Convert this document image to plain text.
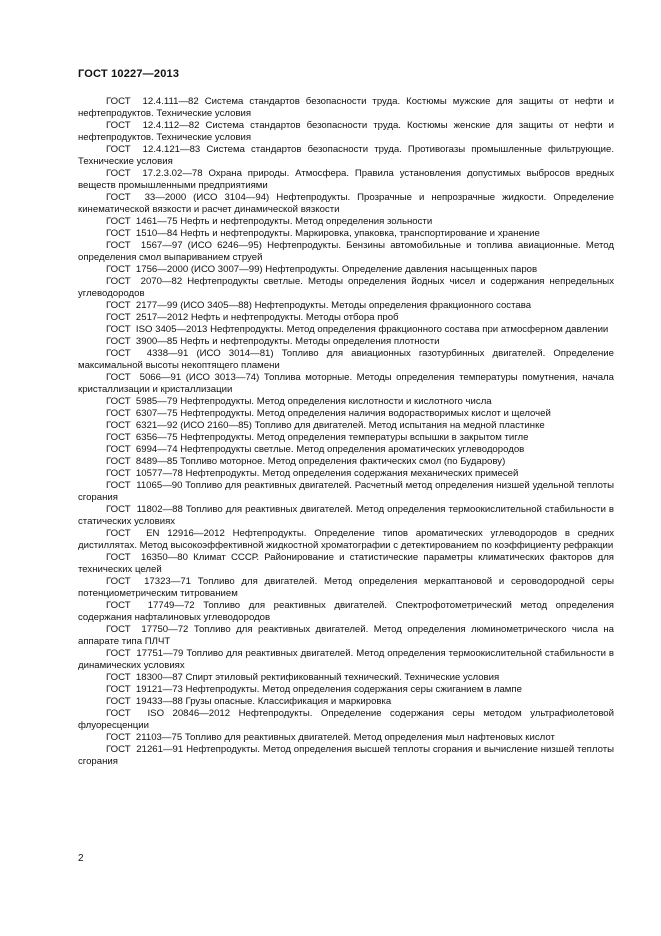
ГОСТ 10227—2013

ГОСТ  12.4.111—82 Система стандартов безопасности труда. Костюмы мужские для защиты от нефти и нефтепродуктов. Технические условия

ГОСТ  12.4.112—82 Система стандартов безопасности труда. Костюмы женские для защиты от нефти и нефтепродуктов. Технические условия

ГОСТ  12.4.121—83 Система стандартов безопасности труда. Противогазы промышленные фильтрующие. Технические условия

ГОСТ  17.2.3.02—78 Охрана природы. Атмосфера. Правила установления допустимых выбросов вредных веществ промышленными предприятиями

ГОСТ  33—2000 (ИСО 3104—94) Нефтепродукты. Прозрачные и непрозрачные жидкости. Определение кинематической вязкости и расчет динамической вязкости

ГОСТ  1461—75 Нефть и нефтепродукты. Метод определения зольности

ГОСТ  1510—84 Нефть и нефтепродукты. Маркировка, упаковка, транспортирование и хранение

ГОСТ  1567—97 (ИСО 6246—95) Нефтепродукты. Бензины автомобильные и топлива авиационные. Метод определения смол выпариванием струей

ГОСТ  1756—2000 (ИСО 3007—99) Нефтепродукты. Определение давления насыщенных паров

ГОСТ  2070—82 Нефтепродукты светлые. Методы определения йодных чисел и содержания непредельных углеводородов

ГОСТ  2177—99 (ИСО 3405—88) Нефтепродукты. Методы определения фракционного состава

ГОСТ  2517—2012 Нефть и нефтепродукты. Методы отбора проб

ГОСТ  ISO 3405—2013 Нефтепродукты. Метод определения фракционного состава при атмосферном давлении

ГОСТ  3900—85 Нефть и нефтепродукты. Методы определения плотности

ГОСТ  4338—91 (ИСО 3014—81) Топливо для авиационных газотурбинных двигателей. Определение максимальной высоты некоптящего пламени

ГОСТ  5066—91 (ИСО 3013—74) Топлива моторные. Методы определения температуры помутнения, начала кристаллизации и кристаллизации

ГОСТ  5985—79 Нефтепродукты. Метод определения кислотности и кислотного числа

ГОСТ  6307—75 Нефтепродукты. Метод определения наличия водорастворимых кислот и щелочей

ГОСТ  6321—92 (ИСО 2160—85) Топливо для двигателей. Метод испытания на медной пластинке

ГОСТ  6356—75 Нефтепродукты. Метод определения температуры вспышки в закрытом тигле

ГОСТ  6994—74 Нефтепродукты светлые. Метод определения ароматических углеводородов

ГОСТ  8489—85 Топливо моторное. Метод определения фактических смол (по Бударову)

ГОСТ  10577—78 Нефтепродукты. Метод определения содержания механических примесей

ГОСТ  11065—90 Топливо для реактивных двигателей. Расчетный метод определения низшей удельной теплоты сгорания

ГОСТ  11802—88 Топливо для реактивных двигателей. Метод определения термоокислительной стабильности в статических условиях

ГОСТ  EN 12916—2012 Нефтепродукты. Определение типов ароматических углеводородов в средних дистиллятах. Метод высокоэффективной жидкостной хроматографии с детектированием по коэффициенту рефракции

ГОСТ  16350—80 Климат СССР. Районирование и статистические параметры климатических факторов для технических целей

ГОСТ  17323—71 Топливо для двигателей. Метод определения меркаптановой и сероводородной серы потенциометрическим титрованием

ГОСТ  17749—72 Топливо для реактивных двигателей. Спектрофотометрический метод определения содержания нафталиновых углеводородов

ГОСТ  17750—72 Топливо для реактивных двигателей. Метод определения люминометрического числа на аппарате типа ПЛЧТ

ГОСТ  17751—79 Топливо для реактивных двигателей. Метод определения термоокислительной стабильности в динамических условиях

ГОСТ  18300—87 Спирт этиловый ректификованный технический. Технические условия

ГОСТ  19121—73 Нефтепродукты. Метод определения содержания серы сжиганием в лампе

ГОСТ  19433—88 Грузы опасные. Классификация и маркировка

ГОСТ  ISO 20846—2012 Нефтепродукты. Определение содержания серы методом ультрафиолетовой флуоресценции

ГОСТ  21103—75 Топливо для реактивных двигателей. Метод определения мыл нафтеновых кислот

ГОСТ  21261—91 Нефтепродукты. Метод определения высшей теплоты сгорания и вычисление низшей теплоты сгорания

2
